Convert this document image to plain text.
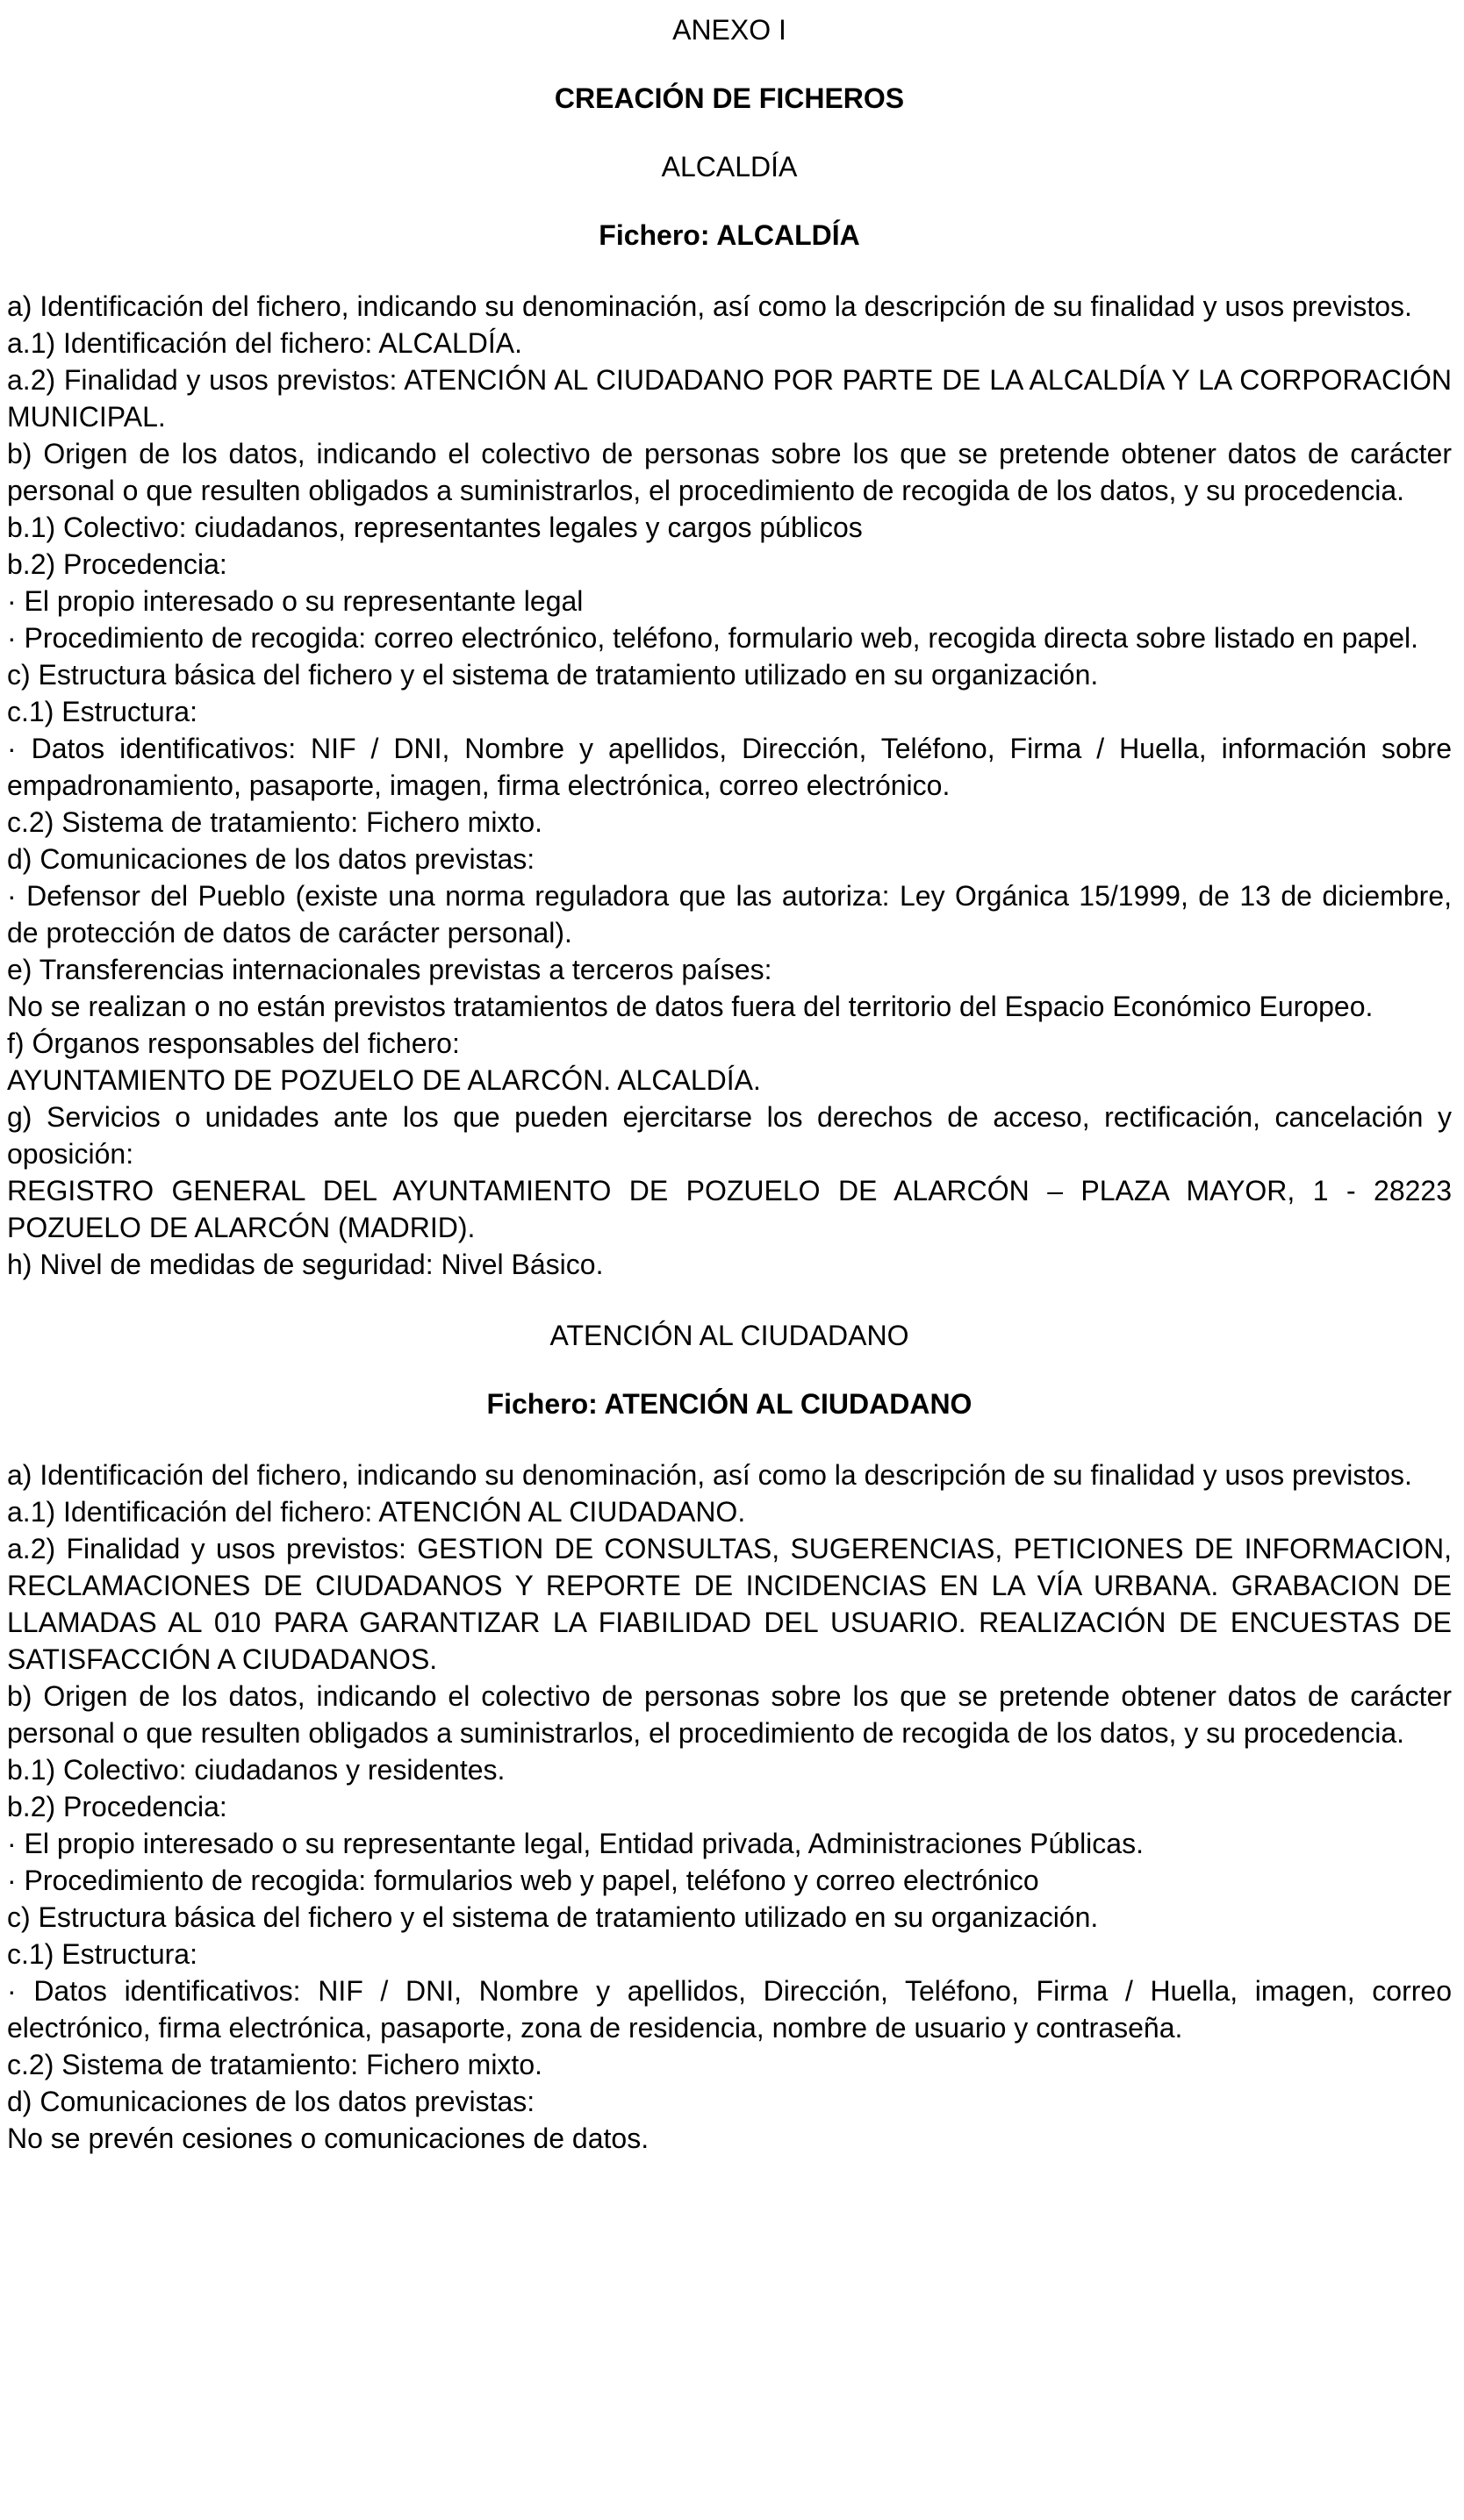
ANEXO I

CREACIÓN DE FICHEROS

ALCALDÍA

Fichero: ALCALDÍA

a) Identificación del fichero, indicando su denominación, así como la descripción de su finalidad y usos previstos.

a.1) Identificación del fichero: ALCALDÍA.

a.2) Finalidad y usos previstos: ATENCIÓN AL CIUDADANO POR PARTE DE LA ALCALDÍA Y LA CORPORACIÓN MUNICIPAL.

b) Origen de los datos, indicando el colectivo de personas sobre los que se pretende obtener datos de carácter personal o que resulten obligados a suministrarlos, el procedimiento de recogida de los datos, y su procedencia.

b.1) Colectivo: ciudadanos, representantes legales y cargos públicos

b.2) Procedencia:

· El propio interesado o su representante legal

· Procedimiento de recogida: correo electrónico, teléfono, formulario web, recogida directa sobre listado en papel.

c) Estructura básica del fichero y el sistema de tratamiento utilizado en su organización.

c.1) Estructura:

· Datos identificativos: NIF / DNI, Nombre y apellidos, Dirección, Teléfono, Firma / Huella, información sobre empadronamiento, pasaporte, imagen, firma electrónica, correo electrónico.

c.2) Sistema de tratamiento: Fichero mixto.

d) Comunicaciones de los datos previstas:

· Defensor del Pueblo (existe una norma reguladora que las autoriza: Ley Orgánica 15/1999, de 13 de diciembre, de protección de datos de carácter personal).

e) Transferencias internacionales previstas a terceros países:

No se realizan o no están previstos tratamientos de datos fuera del territorio del Espacio Económico Europeo.

f) Órganos responsables del fichero:

AYUNTAMIENTO DE POZUELO DE ALARCÓN. ALCALDÍA.

g) Servicios o unidades ante los que pueden ejercitarse los derechos de acceso, rectificación, cancelación y oposición:

REGISTRO GENERAL DEL AYUNTAMIENTO DE POZUELO DE ALARCÓN – PLAZA MAYOR, 1 - 28223 POZUELO DE ALARCÓN (MADRID).

h) Nivel de medidas de seguridad: Nivel Básico.

ATENCIÓN AL CIUDADANO

Fichero: ATENCIÓN AL CIUDADANO

a) Identificación del fichero, indicando su denominación, así como la descripción de su finalidad y usos previstos.

a.1) Identificación del fichero: ATENCIÓN AL CIUDADANO.

a.2) Finalidad y usos previstos: GESTION DE CONSULTAS, SUGERENCIAS, PETICIONES DE INFORMACION, RECLAMACIONES DE CIUDADANOS Y REPORTE DE INCIDENCIAS EN LA VÍA URBANA. GRABACION DE LLAMADAS AL 010 PARA GARANTIZAR LA FIABILIDAD DEL USUARIO. REALIZACIÓN DE ENCUESTAS DE SATISFACCIÓN A CIUDADANOS.

b) Origen de los datos, indicando el colectivo de personas sobre los que se pretende obtener datos de carácter personal o que resulten obligados a suministrarlos, el procedimiento de recogida de los datos, y su procedencia.

b.1) Colectivo: ciudadanos y residentes.

b.2) Procedencia:

· El propio interesado o su representante legal, Entidad privada, Administraciones Públicas.

· Procedimiento de recogida: formularios web y papel, teléfono y correo electrónico

c) Estructura básica del fichero y el sistema de tratamiento utilizado en su organización.

c.1) Estructura:

· Datos identificativos: NIF / DNI, Nombre y apellidos, Dirección, Teléfono, Firma / Huella, imagen, correo electrónico, firma electrónica, pasaporte, zona de residencia, nombre de usuario y contraseña.

c.2) Sistema de tratamiento: Fichero mixto.

d) Comunicaciones de los datos previstas:

No se prevén cesiones o comunicaciones de datos.
